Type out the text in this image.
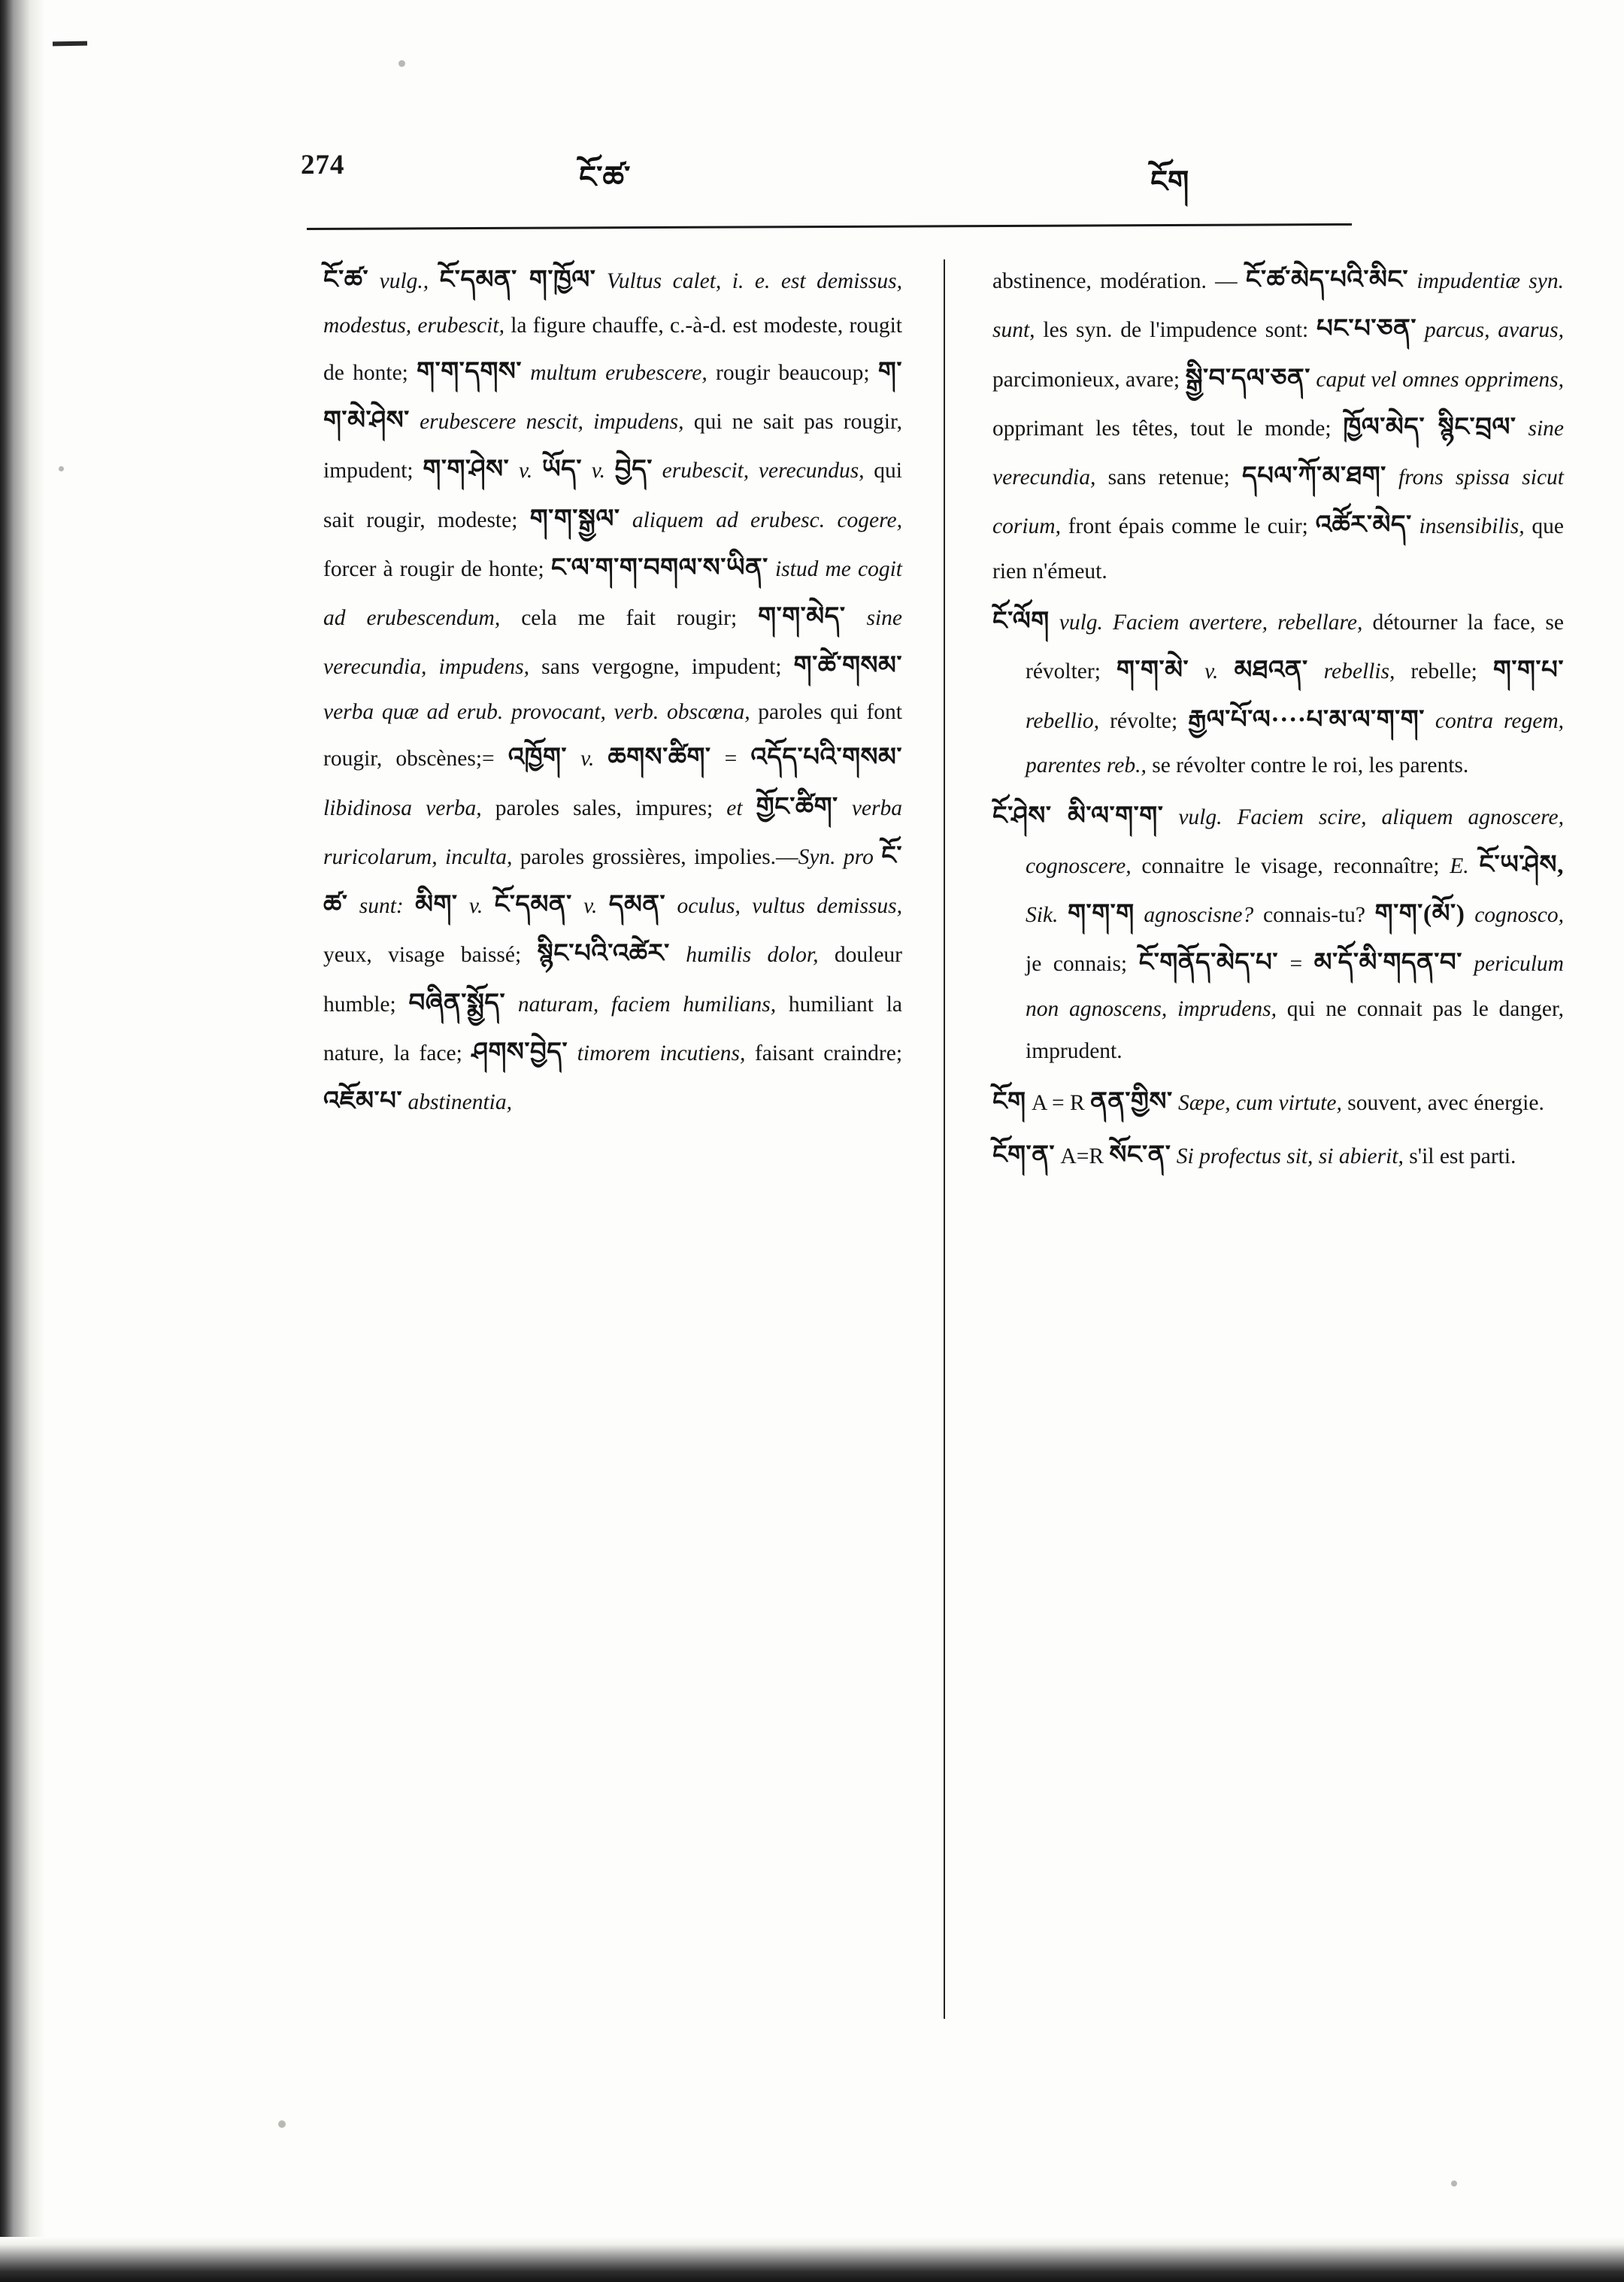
274	ངོ་ཚ་	ངོག
ངོ་ཚ་ vulg., ངོ་དམན་ ག་ཁྱོལ་ Vultus calet, i. e. est demissus, modestus, erubescit, la figure chauffe, c.-à-d. est modeste, rougit de honte; ག་ག་དགས་ multum erubescere, rougir beaucoup; ག་ག་མེ་ཤེས་ erubescere nescit, impudens, qui ne sait pas rougir, impudent; ག་ག་ཤེས་ v. ཡོད་ v. བྱེད་ erubescit, verecundus, qui sait rougir, modeste; ག་ག་སྒྱལ་ aliquem ad erubesc. cogere, forcer à rougir de honte; ང་ལ་ག་ག་བགལ་ས་ཡིན་ istud me cogit ad erubescendum, cela me fait rougir; ག་ག་མེད་ sine verecundia, impudens, sans vergogne, impudent; ག་ཚེ་གསམ་ verba quæ ad erub. provocant, verb. obscœna, paroles qui font rougir, obscènes;= འཁྱོག་ v. ཆགས་ཚིག་ = འདོད་པའི་གསམ་ libidinosa verba, paroles sales, impures; et གྱོང་ཚིག་ verba ruricolarum, inculta, paroles grossières, impolies.—Syn. pro ངོ་ཚ་ sunt: མིག་ v. ངོ་དམན་ v. དམན་ oculus, vultus demissus, yeux, visage baissé; སྙིང་པའི་འཚེར་ humilis dolor, douleur humble; བཞིན་སྨྱོད་ naturam, faciem humilians, humiliant la nature, la face; ཤགས་བྱེད་ timorem incutiens, faisant craindre; འཇོམ་པ་ abstinentia,
abstinence, modération. — ངོ་ཚ་མེད་པའི་མིང་ impudentiæ syn. sunt, les syn. de l'impudence sont: པང་པ་ཅན་ parcus, avarus, parcimonieux, avare; སྒྱི་བ་དལ་ཅན་ caput vel omnes opprimens, opprimant les têtes, tout le monde; ཁྱོལ་མེད་ སྙིང་བྲལ་ sine verecundia, sans retenue; དཔལ་ཀོ་མ་ཐག་ frons spissa sicut corium, front épais comme le cuir; འཚོར་མེད་ insensibilis, que rien n'émeut.
ངོ་ལོག vulg. Faciem avertere, rebellare, détourner la face, se révolter; ག་ག་མེ་ v. མཐའན་ rebellis, rebelle; ག་ག་པ་ rebellio, révolte; རྒྱལ་པོ་ལ····པ་མ་ལ་ག་ག་ contra regem, parentes reb., se révolter contre le roi, les parents.
ངོ་ཤེས་ མི་ལ་ག་ག་ vulg. Faciem scire, aliquem agnoscere, cognoscere, connaitre le visage, reconnaître; E. ངོ་ཡ་ཤེས, Sik. ག་ག་ག agnoscisne? connais-tu? ག་ག་(མོ་) cognosco, je connais; ངོ་གནོད་མེད་པ་ = མ་དོ་མི་གདན་བ་ periculum non agnoscens, imprudens, qui ne connait pas le danger, imprudent.
ངོག A = R ནན་གྱིས་ Sæpe, cum virtute, souvent, avec énergie.
ངོག་ན་ A=R སོང་ན་ Si profectus sit, si abierit, s'il est parti.
